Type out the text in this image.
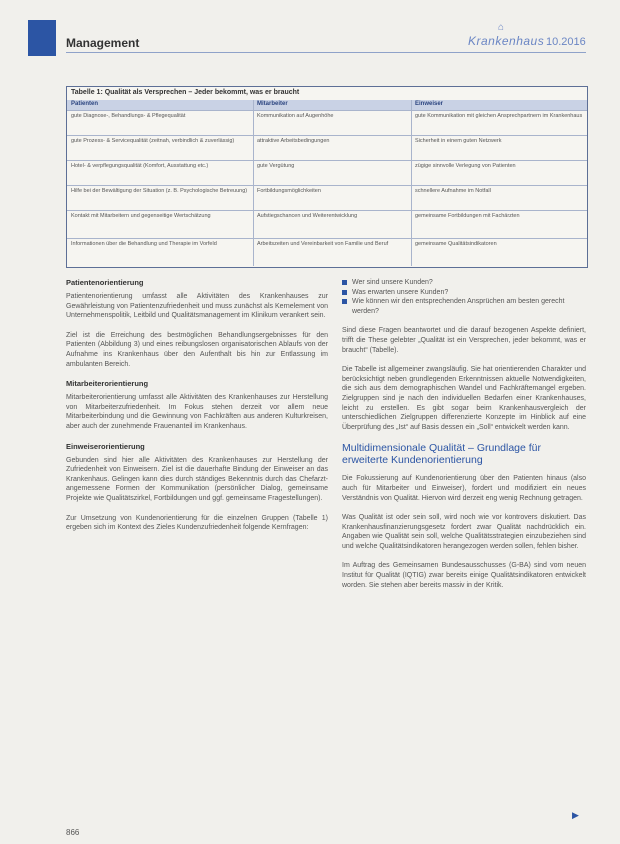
Management
⌂
Krankenhaus 10.2016
Tabelle 1: Qualität als Versprechen – Jeder bekommt, was er braucht
Patienten	Mitarbeiter	Einweiser
gute Diagnose-, Behandlungs- & Pflegequalität	Kommunikation auf Augenhöhe	gute Kommunikation mit gleichen Ansprechpartnern im Krankenhaus
gute Prozess- & Servicequalität (zeitnah, verbindlich & zuverlässig)	attraktive Arbeitsbedingungen	Sicherheit in einem guten Netzwerk
Hotel- & verpflegungsqualität (Komfort, Ausstattung etc.)	gute Vergütung	zügige sinnvolle Verlegung von Patienten
Hilfe bei der Bewältigung der Situation (z. B. Psychologische Betreuung)	Fortbildungsmöglichkeiten	schnellere Aufnahme im Notfall
Kontakt mit Mitarbeitern und gegenseitige Wertschätzung	Aufstiegschancen und Weiterentwicklung	gemeinsame Fortbildungen mit Fachärzten
Informationen über die Behandlung und Therapie im Vorfeld	Arbeitszeiten und Vereinbarkeit von Familie und Beruf	gemeinsame Qualitätsindikatoren

Patientenorientierung

Patientenorientierung umfasst alle Aktivitäten des Krankenhauses zur Gewährleistung von Patientenzufriedenheit und muss zunächst als Kernelement von Unternehmenspolitik, Leitbild und Qualitätsmanagement im Klinikum verankert sein.

Ziel ist die Erreichung des bestmöglichen Behandlungsergebnisses für den Patienten (Abbildung 3) und eines reibungslosen organisatorischen Ablaufs von der Aufnahme ins Krankenhaus über den Aufenthalt bis hin zur Entlassung im ambulanten Bereich.

Mitarbeiterorientierung

Mitarbeiterorientierung umfasst alle Aktivitäten des Krankenhauses zur Herstellung von Mitarbeiterzufriedenheit. Im Fokus stehen derzeit vor allem neue Mitarbeiterbindung und die Gewinnung von Fachkräften aus anderen Kulturkreisen, aber auch der zunehmende Frauenanteil im Krankenhaus.

Einweiserorientierung

Gebunden sind hier alle Aktivitäten des Krankenhauses zur Herstellung der Zufriedenheit von Einweisern. Ziel ist die dauerhafte Bindung der Einweiser an das Krankenhaus. Gelingen kann dies durch ständiges Bekenntnis durch das Chefarzt-angemessene Formen der Kommunikation (persönlicher Dialog, gemeinsame Projekte wie Qualitätszirkel, Fortbildungen und ggf. gemeinsame Fragestellungen).

Zur Umsetzung von Kundenorientierung für die einzelnen Gruppen (Tabelle 1) ergeben sich im Kontext des Zieles Kundenzufriedenheit folgende Kernfragen:

Wer sind unsere Kunden?

Was erwarten unsere Kunden?

Wie können wir den entsprechenden Ansprüchen am besten gerecht werden?

Sind diese Fragen beantwortet und die darauf bezogenen Aspekte definiert, trifft die These gelebter „Qualität ist ein Versprechen, jeder bekommt, was er braucht“ (Tabelle).

Die Tabelle ist allgemeiner zwangsläufig. Sie hat orientierenden Charakter und berücksichtigt neben grundlegenden Erkenntnissen aktuelle Notwendigkeiten, die sich aus dem demographischen Wandel und Fachkräftemangel ergeben. Zielgruppen sind je nach den individuellen Bedarfen einer Krankenhauses, leicht zu erstellen. Es gibt sogar beim Krankenhausvergleich der unterschiedlichen Zielgruppen differenzierte Konzepte im Hinblick auf eine Überprüfung des „Ist“ auf Basis dessen ein „Soll“ entwickelt werden kann.

Multidimensionale Qualität – Grundlage für erweiterte Kundenorientierung

Die Fokussierung auf Kundenorientierung über den Patienten hinaus (also auch für Mitarbeiter und Einweiser), fordert und modifiziert ein neues Verständnis von Qualität. Hiervon wird derzeit eng wenig Rechnung getragen.

Was Qualität ist oder sein soll, wird noch wie vor kontrovers diskutiert. Das Krankenhausfinanzierungsgesetz fordert zwar Qualität nachdrücklich ein. Angaben wie Qualität sein soll, welche Qualitätsstrategien einzubeziehen sind und welche Qualitätsindikatoren herangezogen werden sollen, fehlen bisher.

Im Auftrag des Gemeinsamen Bundesausschusses (G-BA) sind vom neuen Institut für Qualität (IQTIG) zwar bereits einige Qualitätsindikatoren entwickelt worden. Sie stehen aber bereits massiv in der Kritik.

▶
866
